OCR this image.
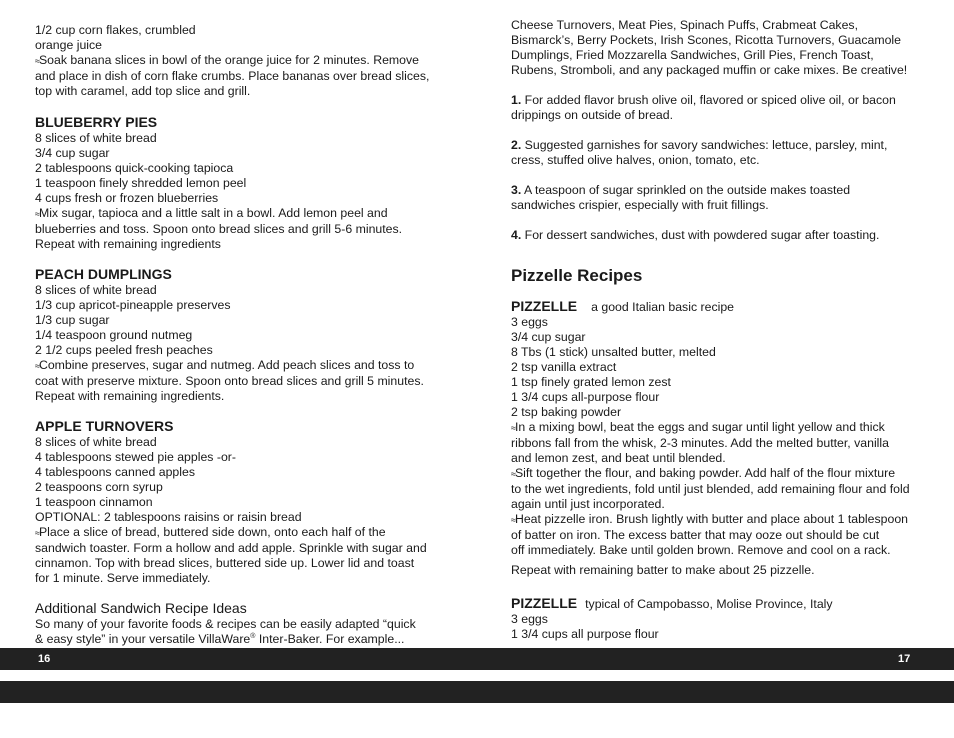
1/2 cup corn flakes, crumbled
orange juice
≈Soak banana slices in bowl of the orange juice for 2 minutes. Remove
and place in dish of corn flake crumbs. Place bananas over bread slices,
top with caramel, add top slice and grill.
BLUEBERRY PIES
8 slices of white bread
3/4 cup sugar
2 tablespoons quick-cooking tapioca
1 teaspoon finely shredded lemon peel
4 cups fresh or frozen blueberries
≈Mix sugar, tapioca and a little salt in a bowl. Add lemon peel and
blueberries and toss. Spoon onto bread slices and grill 5-6 minutes.
Repeat with remaining ingredients
PEACH DUMPLINGS
8 slices of white bread
1/3 cup apricot-pineapple preserves
1/3 cup sugar
1/4 teaspoon ground nutmeg
2 1/2 cups peeled fresh peaches
≈Combine preserves, sugar and nutmeg. Add peach slices and toss to
coat with preserve mixture. Spoon onto bread slices and grill 5 minutes.
Repeat with remaining ingredients.
APPLE TURNOVERS
8 slices of white bread
4 tablespoons stewed pie apples -or-
4 tablespoons canned apples
2 teaspoons corn syrup
1 teaspoon cinnamon
OPTIONAL: 2 tablespoons raisins or raisin bread
≈Place a slice of bread, buttered side down, onto each half of the
sandwich toaster. Form a hollow and add apple. Sprinkle with sugar and
cinnamon. Top with bread slices, buttered side up. Lower lid and toast
for 1 minute. Serve immediately.
Additional Sandwich Recipe Ideas
So many of your favorite foods & recipes can be easily adapted “quick
& easy style” in your versatile VillaWare® Inter-Baker. For example...
Cheese Turnovers, Meat Pies, Spinach Puffs, Crabmeat Cakes,
Bismarck’s, Berry Pockets, Irish Scones, Ricotta Turnovers, Guacamole
Dumplings, Fried Mozzarella Sandwiches, Grill Pies, French Toast,
Rubens, Stromboli, and any packaged muffin or cake mixes. Be creative!
1. For added flavor brush olive oil, flavored or spiced olive oil, or bacon
drippings on outside of bread.
2. Suggested garnishes for savory sandwiches: lettuce, parsley, mint,
cress, stuffed olive halves, onion, tomato, etc.
3. A teaspoon of sugar sprinkled on the outside makes toasted
sandwiches crispier, especially with fruit fillings.
4. For dessert sandwiches, dust with powdered sugar after toasting.
Pizzelle Recipes
PIZZELLE a good Italian basic recipe
3 eggs
3/4 cup sugar
8 Tbs (1 stick) unsalted butter, melted
2 tsp vanilla extract
1 tsp finely grated lemon zest
1 3/4 cups all-purpose flour
2 tsp baking powder
≈In a mixing bowl, beat the eggs and sugar until light yellow and thick
ribbons fall from the whisk, 2-3 minutes. Add the melted butter, vanilla
and lemon zest, and beat until blended.
≈Sift together the flour, and baking powder. Add half of the flour mixture
to the wet ingredients, fold until just blended, add remaining flour and fold
again until just incorporated.
≈Heat pizzelle iron. Brush lightly with butter and place about 1 tablespoon
of batter on iron. The excess batter that may ooze out should be cut
off immediately. Bake until golden brown. Remove and cool on a rack.
Repeat with remaining batter to make about 25 pizzelle.
PIZZELLE typical of Campobasso, Molise Province, Italy
3 eggs
1 3/4 cups all purpose flour
16	17
